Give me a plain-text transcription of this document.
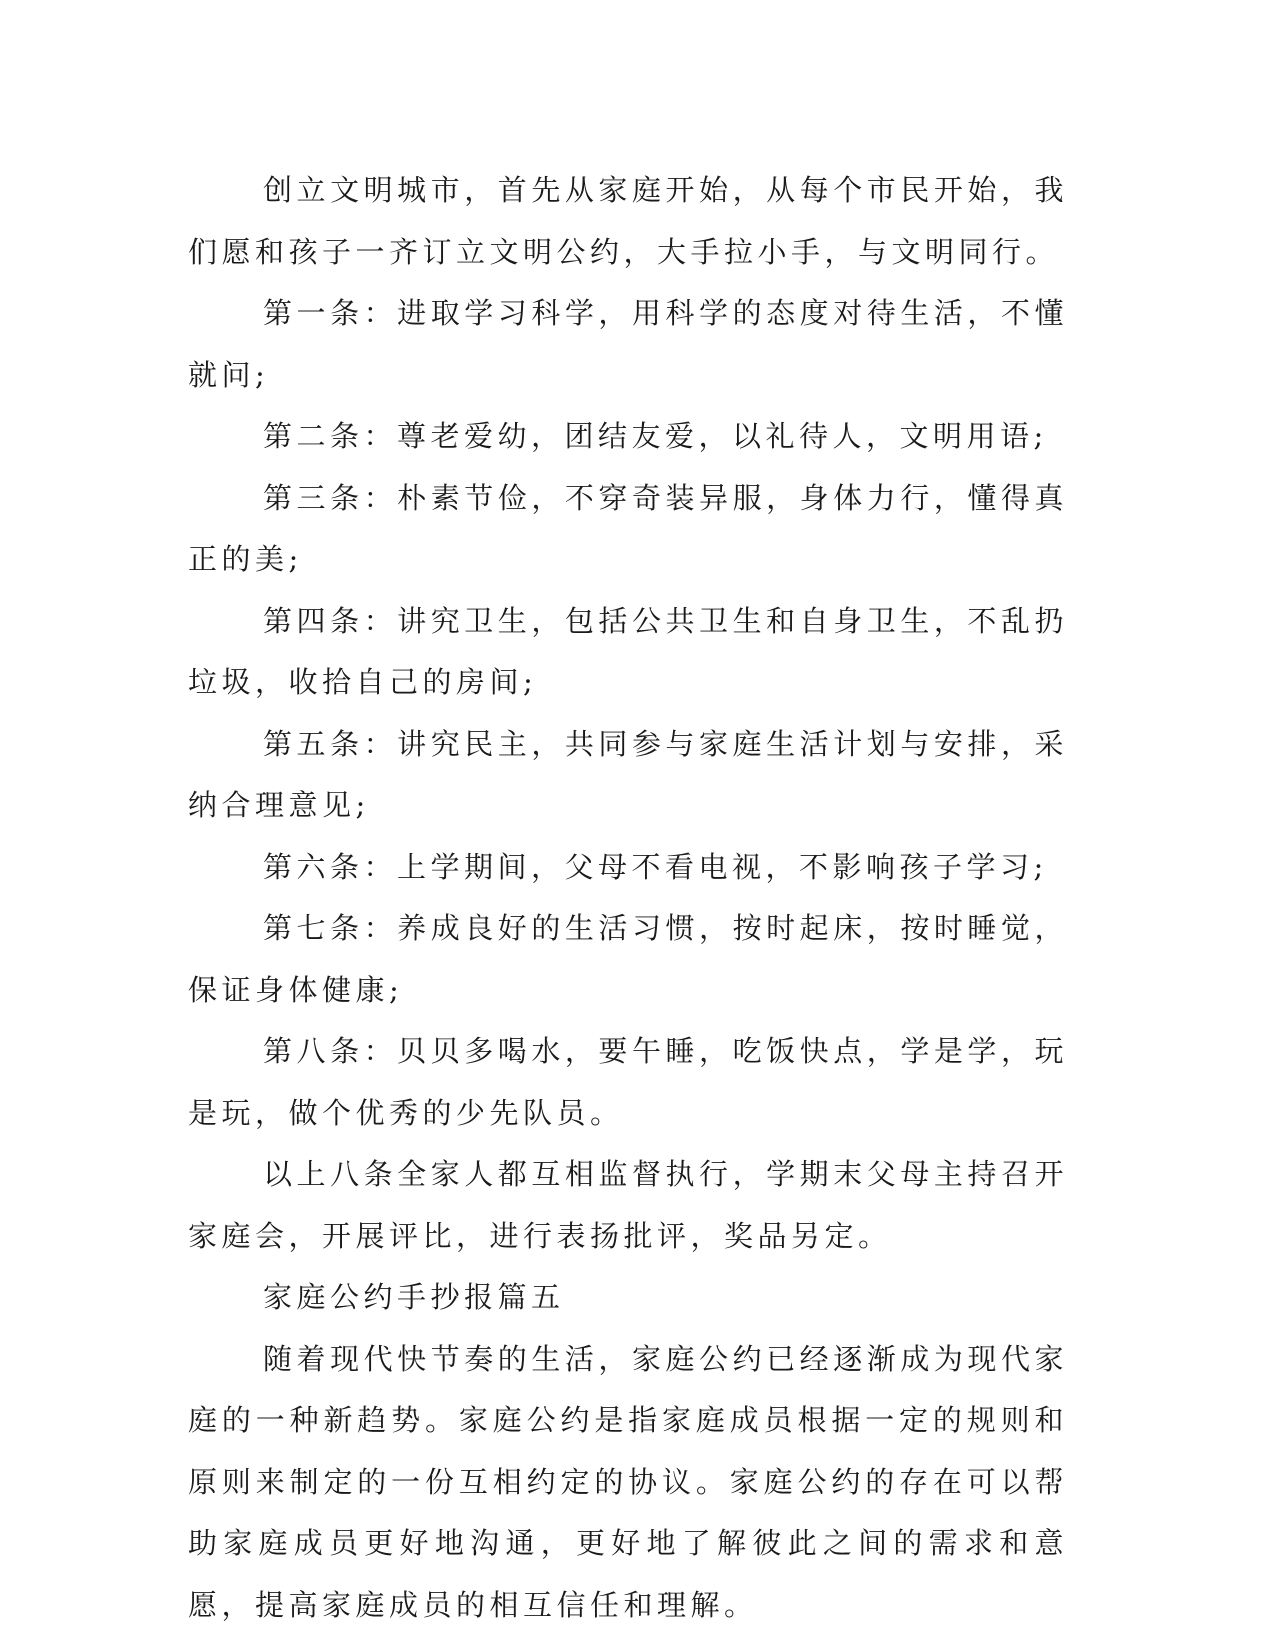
创立文明城市，首先从家庭开始，从每个市民开始，我们愿和孩子一齐订立文明公约，大手拉小手，与文明同行。

第一条：进取学习科学，用科学的态度对待生活，不懂就问;

第二条：尊老爱幼，团结友爱，以礼待人，文明用语;

第三条：朴素节俭，不穿奇装异服，身体力行，懂得真正的美;

第四条：讲究卫生，包括公共卫生和自身卫生，不乱扔垃圾，收拾自己的房间;

第五条：讲究民主，共同参与家庭生活计划与安排，采纳合理意见;

第六条：上学期间，父母不看电视，不影响孩子学习;

第七条：养成良好的生活习惯，按时起床，按时睡觉，保证身体健康;

第八条：贝贝多喝水，要午睡，吃饭快点，学是学，玩是玩，做个优秀的少先队员。

以上八条全家人都互相监督执行，学期末父母主持召开家庭会，开展评比，进行表扬批评，奖品另定。

家庭公约手抄报篇五

随着现代快节奏的生活，家庭公约已经逐渐成为现代家庭的一种新趋势。家庭公约是指家庭成员根据一定的规则和原则来制定的一份互相约定的协议。家庭公约的存在可以帮助家庭成员更好地沟通，更好地了解彼此之间的需求和意愿，提高家庭成员的相互信任和理解。
